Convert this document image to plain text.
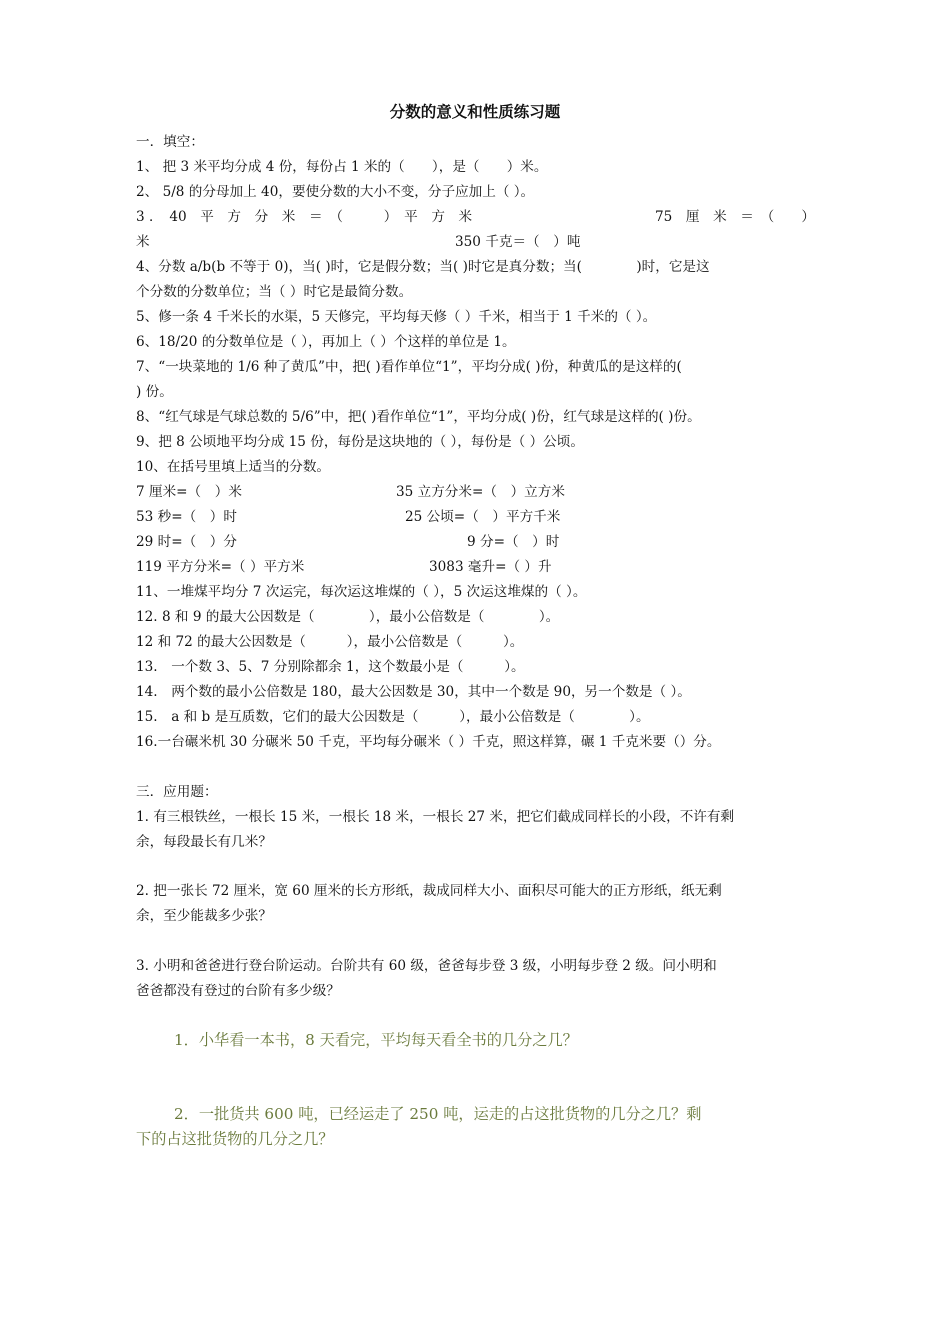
分数的意义和性质练习题
一．填空：
1、 把 3 米平均分成 4 份，每份占 1 米的（　　），是（　　）米。
2、 5/8 的分母加上 40，要使分数的大小不变，分子应加上（ ）。
3 ．　40　平　方　分　米　＝　（　　　）　平　方　米	75　厘　米　＝　（　　）
米	350 千克＝（　）吨
4、分数 a/b(b 不等于 0)，当( )时，它是假分数；当( )时它是真分数；当(　　　　)时，它是这
个分数的分数单位；当（ ）时它是最简分数。
5、修一条 4 千米长的水渠，5 天修完，平均每天修（ ）千米，相当于 1 千米的（ ）。
6、18/20 的分数单位是（ ），再加上（ ）个这样的单位是 1。
7、“一块菜地的 1/6 种了黄瓜”中，把( )看作单位“1”，平均分成( )份，种黄瓜的是这样的(
) 份。
8、“红气球是气球总数的 5/6”中，把( )看作单位“1”，平均分成( )份，红气球是这样的( )份。
9、把 8 公顷地平均分成 15 份，每份是这块地的（ ），每份是（ ）公顷。
10、在括号里填上适当的分数。
7 厘米=（　）米	35 立方分米=（　）立方米
53 秒=（　）时	25 公顷=（　）平方千米
29 时=（　）分	9 分=（　）时
119 平方分米=（ ）平方米	3083 毫升=（ ）升
11、一堆煤平均分 7 次运完，每次运这堆煤的（ ），5 次运这堆煤的（ ）。
12. 8 和 9 的最大公因数是（　　　　），最小公倍数是（　　　　）。
12 和 72 的最大公因数是（　　　），最小公倍数是（　　　）。
13.　一个数 3、5、7 分别除都余 1，这个数最小是（　　　）。
14.　两个数的最小公倍数是 180，最大公因数是 30，其中一个数是 90，另一个数是（ ）。
15.　a 和 b 是互质数，它们的最大公因数是（　　　），最小公倍数是（　　　　）。
16.一台碾米机 30 分碾米 50 千克，平均每分碾米（ ）千克，照这样算，碾 1 千克米要（）分。
三．应用题：
1. 有三根铁丝，一根长 15 米，一根长 18 米，一根长 27 米，把它们截成同样长的小段，不许有剩
余，每段最长有几米？
2. 把一张长 72 厘米，宽 60 厘米的长方形纸，裁成同样大小、面积尽可能大的正方形纸，纸无剩
余，至少能裁多少张？
3. 小明和爸爸进行登台阶运动。台阶共有 60 级，爸爸每步登 3 级，小明每步登 2 级。问小明和
爸爸都没有登过的台阶有多少级？
1．小华看一本书，8 天看完，平均每天看全书的几分之几？
2．一批货共 600 吨，已经运走了 250 吨，运走的占这批货物的几分之几？剩
下的占这批货物的几分之几？
